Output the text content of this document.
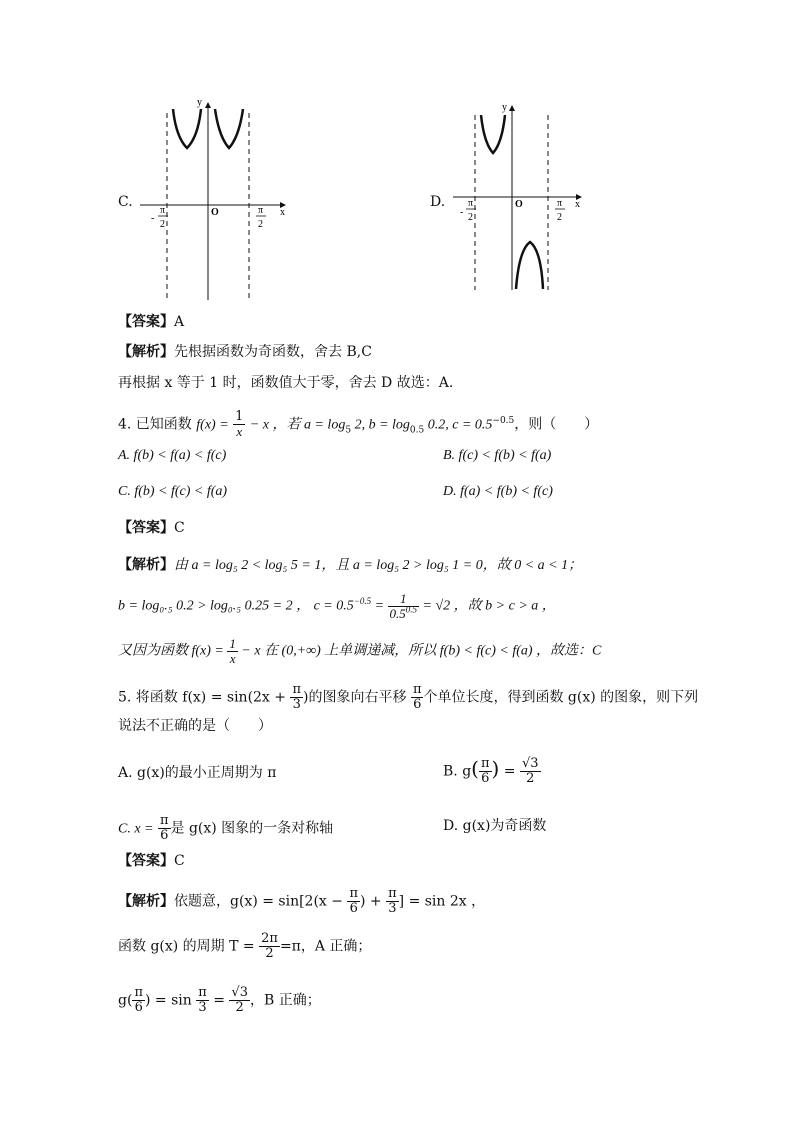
C.
y
x
O
-
π
2
π
2
D.
y
x
O
-
π
2
π
2
【答案】A
【解析】先根据函数为奇函数，舍去 B,C
再根据 x 等于 1 时，函数值大于零，舍去 D 故选：A.
4. 已知函数 $f(x) = \frac{1}{x} - x$ ，若 $a = \log_5 2$, $b = \log_{0.5} 0.2$, $c = 0.5^{-0.5}$，则（　　）
A. f(b) < f(a) < f(c)	B. f(c) < f(b) < f(a)
C. f(b) < f(c) < f(a)	D. f(a) < f(b) < f(c)
【答案】C
【解析】由 a = log₅ 2 < log₅ 5 = 1，且 a = log₅ 2 > log₅ 1 = 0，故 0 < a < 1；
b = log₀.₅ 0.2 > log₀.₅ 0.25 = 2 ， $c = 0.5^{-0.5} = \frac{1}{0.5^{0.5}} = √2$ ，故 b > c > a ，
又因为函数 $f(x) = \frac{1}{x} - x$ 在 (0,+∞) 上单调递减，所以 f(b) < f(c) < f(a) ，故选：C
5. 将函数 $f(x) = \sin(2x + \frac{\pi}{3}$ )的图象向右平移 $\frac{\pi}{6}$ 个单位长度，得到函数 g(x) 的图象，则下列
说法不正确的是（　　）
A. g(x)的最小正周期为 π	B. $g( \frac{\pi}{6}$ ) = $\frac{√3}{2}$
C. $x = \frac{\pi}{6}$ 是 g(x) 图象的一条对称轴	D. g(x)为奇函数
【答案】C
【解析】依题意，$g(x) = \sin[2(x - \frac{\pi}{6}$ ) + $\frac{\pi}{3}$ ] = sin 2x ，
函数 g(x) 的周期 $T = \frac{2\pi}{2} =\pi$，A 正确；
$g( \frac{\pi}{6}$ ) = $\sin \frac{\pi}{3} = \frac{√3}{2}$ ，B 正确；
